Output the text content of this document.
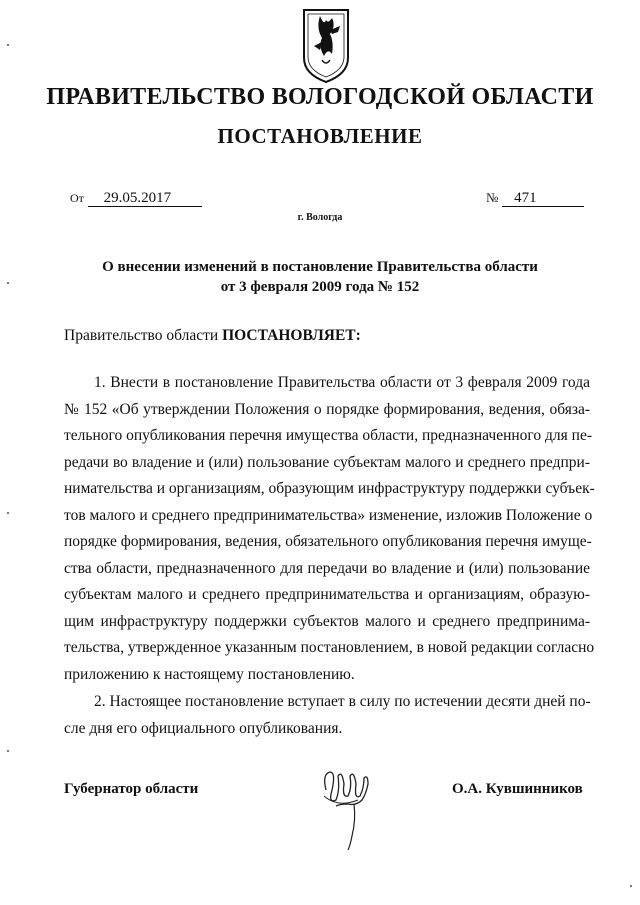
ПРАВИТЕЛЬСТВО ВОЛОГОДСКОЙ ОБЛАСТИ
ПОСТАНОВЛЕНИЕ
От 29.05.2017	№ 471
г. Вологда
О внесении изменений в постановление Правительства области
от 3 февраля 2009 года № 152
Правительство области ПОСТАНОВЛЯЕТ:
1. Внести в постановление Правительства области от 3 февраля 2009 года
№ 152 «Об утверждении Положения о порядке формирования, ведения, обяза-
тельного опубликования перечня имущества области, предназначенного для пе-
редачи во владение и (или) пользование субъектам малого и среднего предпри-
нимательства и организациям, образующим инфраструктуру поддержки субъек-
тов малого и среднего предпринимательства» изменение, изложив Положение о
порядке формирования, ведения, обязательного опубликования перечня имуще-
ства области, предназначенного для передачи во владение и (или) пользование
субъектам малого и среднего предпринимательства и организациям, образую-
щим инфраструктуру поддержки субъектов малого и среднего предпринима-
тельства, утвержденное указанным постановлением, в новой редакции согласно
приложению к настоящему постановлению.
2. Настоящее постановление вступает в силу по истечении десяти дней по-
сле дня его официального опубликования.
Губернатор области	О.А. Кувшинников
